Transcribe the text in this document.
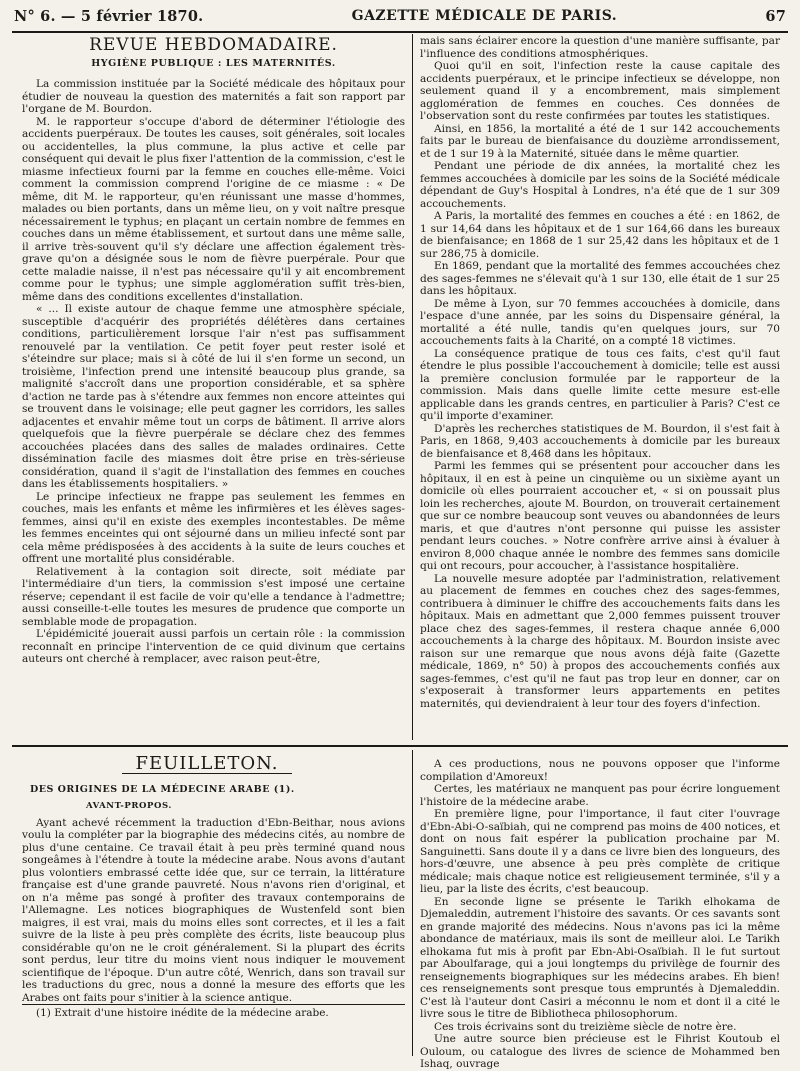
N° 6. — 5 février 1870.	GAZETTE MÉDICALE DE PARIS.	67
REVUE HEBDOMADAIRE.
HYGIÈNE PUBLIQUE : LES MATERNITÉS.

La commission instituée par la Société médicale des hôpitaux pour étudier de nouveau la question des maternités a fait son rapport par l'organe de M. Bourdon.

M. le rapporteur s'occupe d'abord de déterminer l'étiologie des accidents puerpéraux. De toutes les causes, soit générales, soit locales ou accidentelles, la plus commune, la plus active et celle par conséquent qui devait le plus fixer l'attention de la commission, c'est le miasme infectieux fourni par la femme en couches elle-même. Voici comment la commission comprend l'origine de ce miasme : « De même, dit M. le rapporteur, qu'en réunissant une masse d'hommes, malades ou bien portants, dans un même lieu, on y voit naître presque nécessairement le typhus; en plaçant un certain nombre de femmes en couches dans un même établissement, et surtout dans une même salle, il arrive très-souvent qu'il s'y déclare une affection également très-grave qu'on a désignée sous le nom de fièvre puerpérale. Pour que cette maladie naisse, il n'est pas nécessaire qu'il y ait encombrement comme pour le typhus; une simple agglomération suffit très-bien, même dans des conditions excellentes d'installation.

« ... Il existe autour de chaque femme une atmosphère spéciale, susceptible d'acquérir des propriétés délétères dans certaines conditions, particulièrement lorsque l'air n'est pas suffisamment renouvelé par la ventilation. Ce petit foyer peut rester isolé et s'éteindre sur place; mais si à côté de lui il s'en forme un second, un troisième, l'infection prend une intensité beaucoup plus grande, sa malignité s'accroît dans une proportion considérable, et sa sphère d'action ne tarde pas à s'étendre aux femmes non encore atteintes qui se trouvent dans le voisinage; elle peut gagner les corridors, les salles adjacentes et envahir même tout un corps de bâtiment. Il arrive alors quelquefois que la fièvre puerpérale se déclare chez des femmes accouchées placées dans des salles de malades ordinaires. Cette dissémination facile des miasmes doit être prise en très-sérieuse considération, quand il s'agit de l'installation des femmes en couches dans les établissements hospitaliers. »

Le principe infectieux ne frappe pas seulement les femmes en couches, mais les enfants et même les infirmières et les élèves sages-femmes, ainsi qu'il en existe des exemples incontestables. De même les femmes enceintes qui ont séjourné dans un milieu infecté sont par cela même prédisposées à des accidents à la suite de leurs couches et offrent une mortalité plus considérable.

Relativement à la contagion soit directe, soit médiate par l'intermédiaire d'un tiers, la commission s'est imposé une certaine réserve; cependant il est facile de voir qu'elle a tendance à l'admettre; aussi conseille-t-elle toutes les mesures de prudence que comporte un semblable mode de propagation.

L'épidémicité jouerait aussi parfois un certain rôle : la commission reconnaît en principe l'intervention de ce quid divinum que certains auteurs ont cherché à remplacer, avec raison peut-être,

mais sans éclairer encore la question d'une manière suffisante, par l'influence des conditions atmosphériques.

Quoi qu'il en soit, l'infection reste la cause capitale des accidents puerpéraux, et le principe infectieux se développe, non seulement quand il y a encombrement, mais simplement agglomération de femmes en couches. Ces données de l'observation sont du reste confirmées par toutes les statistiques.

Ainsi, en 1856, la mortalité a été de 1 sur 142 accouchements faits par le bureau de bienfaisance du douzième arrondissement, et de 1 sur 19 à la Maternité, située dans le même quartier.

Pendant une période de dix années, la mortalité chez les femmes accouchées à domicile par les soins de la Société médicale dépendant de Guy's Hospital à Londres, n'a été que de 1 sur 309 accouchements.

A Paris, la mortalité des femmes en couches a été : en 1862, de 1 sur 14,64 dans les hôpitaux et de 1 sur 164,66 dans les bureaux de bienfaisance; en 1868 de 1 sur 25,42 dans les hôpitaux et de 1 sur 286,75 à domicile.

En 1869, pendant que la mortalité des femmes accouchées chez des sages-femmes ne s'élevait qu'à 1 sur 130, elle était de 1 sur 25 dans les hôpitaux.

De même à Lyon, sur 70 femmes accouchées à domicile, dans l'espace d'une année, par les soins du Dispensaire général, la mortalité a été nulle, tandis qu'en quelques jours, sur 70 accouchements faits à la Charité, on a compté 18 victimes.

La conséquence pratique de tous ces faits, c'est qu'il faut étendre le plus possible l'accouchement à domicile; telle est aussi la première conclusion formulée par le rapporteur de la commission. Mais dans quelle limite cette mesure est-elle applicable dans les grands centres, en particulier à Paris? C'est ce qu'il importe d'examiner.

D'après les recherches statistiques de M. Bourdon, il s'est fait à Paris, en 1868, 9,403 accouchements à domicile par les bureaux de bienfaisance et 8,468 dans les hôpitaux.

Parmi les femmes qui se présentent pour accoucher dans les hôpitaux, il en est à peine un cinquième ou un sixième ayant un domicile où elles pourraient accoucher et, « si on poussait plus loin les recherches, ajoute M. Bourdon, on trouverait certainement que sur ce nombre beaucoup sont veuves ou abandonnées de leurs maris, et que d'autres n'ont personne qui puisse les assister pendant leurs couches. » Notre confrère arrive ainsi à évaluer à environ 8,000 chaque année le nombre des femmes sans domicile qui ont recours, pour accoucher, à l'assistance hospitalière.

La nouvelle mesure adoptée par l'administration, relativement au placement de femmes en couches chez des sages-femmes, contribuera à diminuer le chiffre des accouchements faits dans les hôpitaux. Mais en admettant que 2,000 femmes puissent trouver place chez des sages-femmes, il restera chaque année 6,000 accouchements à la charge des hôpitaux. M. Bourdon insiste avec raison sur une remarque que nous avons déjà faite (Gazette médicale, 1869, n° 50) à propos des accouchements confiés aux sages-femmes, c'est qu'il ne faut pas trop leur en donner, car on s'exposerait à transformer leurs appartements en petites maternités, qui deviendraient à leur tour des foyers d'infection.

FEUILLETON.
DES ORIGINES DE LA MÉDECINE ARABE (1).
AVANT-PROPOS.

Ayant achevé récemment la traduction d'Ebn-Beithar, nous avions voulu la compléter par la biographie des médecins cités, au nombre de plus d'une centaine. Ce travail était à peu près terminé quand nous songeâmes à l'étendre à toute la médecine arabe. Nous avons d'autant plus volontiers embrassé cette idée que, sur ce terrain, la littérature française est d'une grande pauvreté. Nous n'avons rien d'original, et on n'a même pas songé à profiter des travaux contemporains de l'Allemagne. Les notices biographiques de Wustenfeld sont bien maigres, il est vrai, mais du moins elles sont correctes, et il les a fait suivre de la liste à peu près complète des écrits, liste beaucoup plus considérable qu'on ne le croit généralement. Si la plupart des écrits sont perdus, leur titre du moins vient nous indiquer le mouvement scientifique de l'époque. D'un autre côté, Wenrich, dans son travail sur les traductions du grec, nous a donné la mesure des efforts que les Arabes ont faits pour s'initier à la science antique.

(1) Extrait d'une histoire inédite de la médecine arabe.

A ces productions, nous ne pouvons opposer que l'informe compilation d'Amoreux!

Certes, les matériaux ne manquent pas pour écrire longuement l'histoire de la médecine arabe.

En première ligne, pour l'importance, il faut citer l'ouvrage d'Ebn-Abi-O-saïbiah, qui ne comprend pas moins de 400 notices, et dont on nous fait espérer la publication prochaine par M. Sanguinetti. Sans doute il y a dans ce livre bien des longueurs, des hors-d'œuvre, une absence à peu près complète de critique médicale; mais chaque notice est religieusement terminée, s'il y a lieu, par la liste des écrits, c'est beaucoup.

En seconde ligne se présente le Tarikh elhokama de Djemaleddin, autrement l'histoire des savants. Or ces savants sont en grande majorité des médecins. Nous n'avons pas ici la même abondance de matériaux, mais ils sont de meilleur aloi. Le Tarikh elhokama fut mis à profit par Ebn-Abi-Osaïbiah. Il le fut surtout par Aboulfarage, qui a joui longtemps du privilège de fournir des renseignements biographiques sur les médecins arabes. Eh bien! ces renseignements sont presque tous empruntés à Djemaleddin. C'est là l'auteur dont Casiri a méconnu le nom et dont il a cité le livre sous le titre de Bibliotheca philosophorum.

Ces trois écrivains sont du treizième siècle de notre ère.

Une autre source bien précieuse est le Fihrist Koutoub el Ouloum, ou catalogue des livres de science de Mohammed ben Ishaq, ouvrage
